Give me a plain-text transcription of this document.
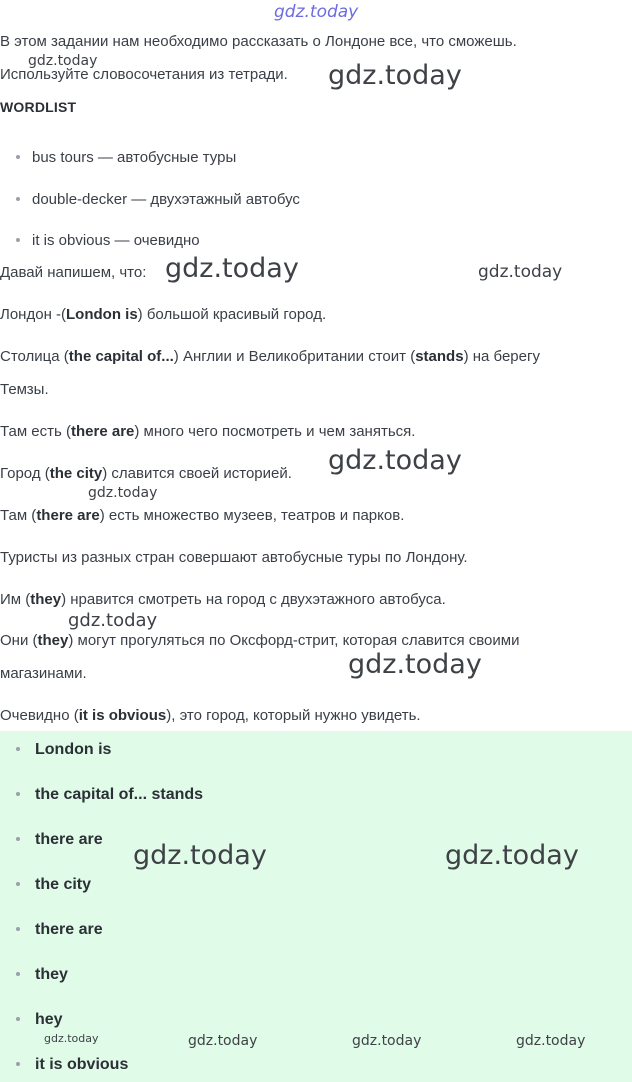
gdz.today
В этом задании нам необходимо рассказать о Лондоне все, что сможешь.
Используйте словосочетания из тетради.
WORDLIST
bus tours — автобусные туры
double-decker — двухэтажный автобус
it is obvious — очевидно
Давай напишем, что:
Лондон -(London is) большой красивый город.
Столица (the capital of...) Англии и Великобритании стоит (stands) на берегу
Темзы.
Там есть (there are) много чего посмотреть и чем заняться.
Город (the city) славится своей историей.
Там (there are) есть множество музеев, театров и парков.
Туристы из разных стран совершают автобусные туры по Лондону.
Им (they) нравится смотреть на город с двухэтажного автобуса.
Они (they) могут прогуляться по Оксфорд-стрит, которая славится своими
магазинами.
Очевидно (it is obvious), это город, который нужно увидеть.
London is
the capital of... stands
there are
the city
there are
they
hey
it is obvious
gdz.today	gdz.today
gdz.today	gdz.today
gdz.today
gdz.today
gdz.today
gdz.today
gdz.today	gdz.today
gdz.today	gdz.today	gdz.today	gdz.today
